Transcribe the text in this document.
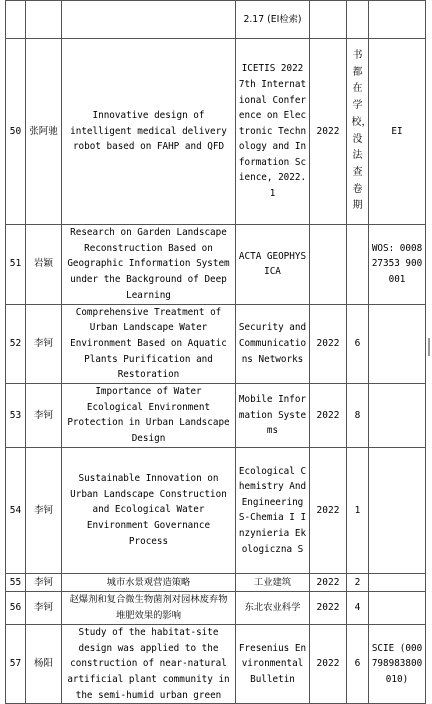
			2.17 (EI检索)			
50	张阿驰	Innovative design of intelligent medical delivery robot based on FAHP and QFD	ICETIS 2022 7th International Conference on Electronic Technology and Information Science, 2022.1	2022	书都在学校，没法查卷期	EI
51	岩颖	Research on Garden Landscape Reconstruction Based on Geographic Information System under the Background of Deep Learning	ACTA GEOPHYSICA			WOS: 000827353 900001
52	李钶	Comprehensive Treatment of Urban Landscape Water Environment Based on Aquatic Plants Purification and Restoration	Security and Communications Networks	2022	6	
53	李钶	Importance of Water Ecological Environment Protection in Urban Landscape Design	Mobile Information Systems	2022	8	
54	李钶	Sustainable Innovation on Urban Landscape Construction and Ecological Water Environment Governance Process	Ecological Chemistry And Engineering S-Chemia I Inzynieria Ekologiczna S	2022	1	
55	李钶	城市水景观营造策略	工业建筑	2022	2	
56	李钶	赵爆剂和复合微生物菌剂对园林废弃物堆肥效果的影响	东北农业科学	2022	4	
57	杨阳	Study of the habitat-site design was applied to the construction of near-natural artificial plant community in the semi-humid urban green	Fresenius Environmental Bulletin	2022	6	SCIE (000798983800010)
